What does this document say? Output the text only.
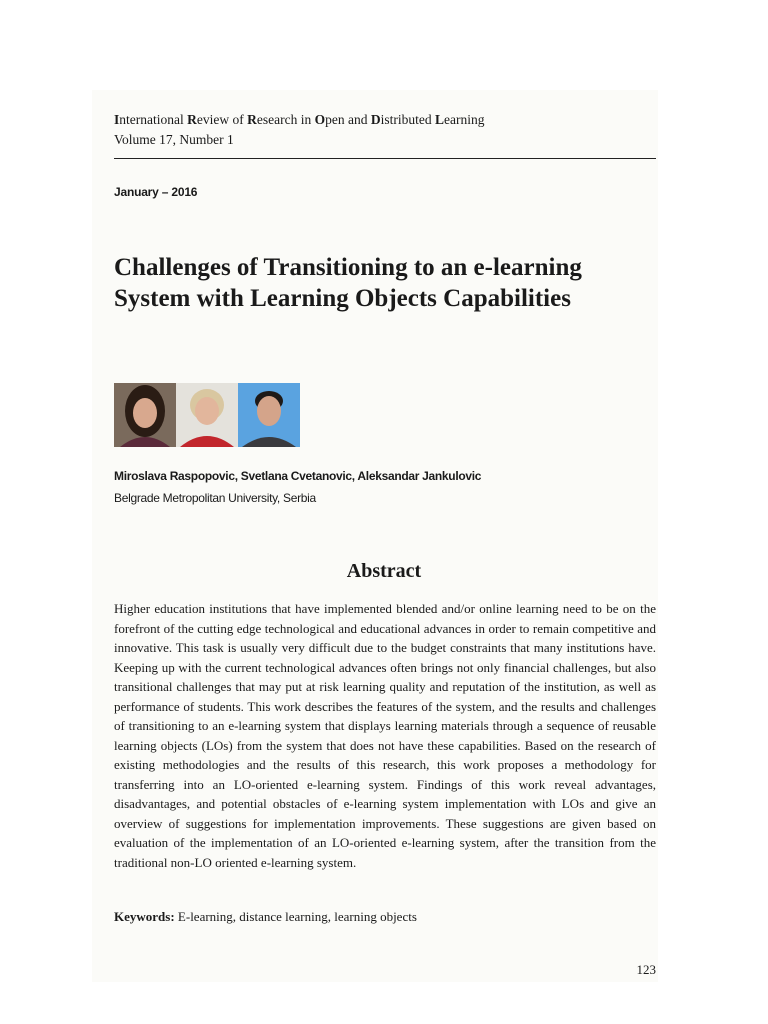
International Review of Research in Open and Distributed Learning
Volume 17, Number 1
January – 2016
Challenges of Transitioning to an e-learning System with Learning Objects Capabilities
Miroslava Raspopovic, Svetlana Cvetanovic, Aleksandar Jankulovic
Belgrade Metropolitan University, Serbia
Abstract

Higher education institutions that have implemented blended and/or online learning need to be on the forefront of the cutting edge technological and educational advances in order to remain competitive and innovative. This task is usually very difficult due to the budget constraints that many institutions have. Keeping up with the current technological advances often brings not only financial challenges, but also transitional challenges that may put at risk learning quality and reputation of the institution, as well as performance of students. This work describes the features of the system, and the results and challenges of transitioning to an e-learning system that displays learning materials through a sequence of reusable learning objects (LOs) from the system that does not have these capabilities. Based on the research of existing methodologies and the results of this research, this work proposes a methodology for transferring into an LO-oriented e-learning system. Findings of this work reveal advantages, disadvantages, and potential obstacles of e-learning system implementation with LOs and give an overview of suggestions for implementation improvements. These suggestions are given based on evaluation of the implementation of an LO-oriented e-learning system, after the transition from the traditional non-LO oriented e-learning system.

Keywords: E-learning, distance learning, learning objects
123
